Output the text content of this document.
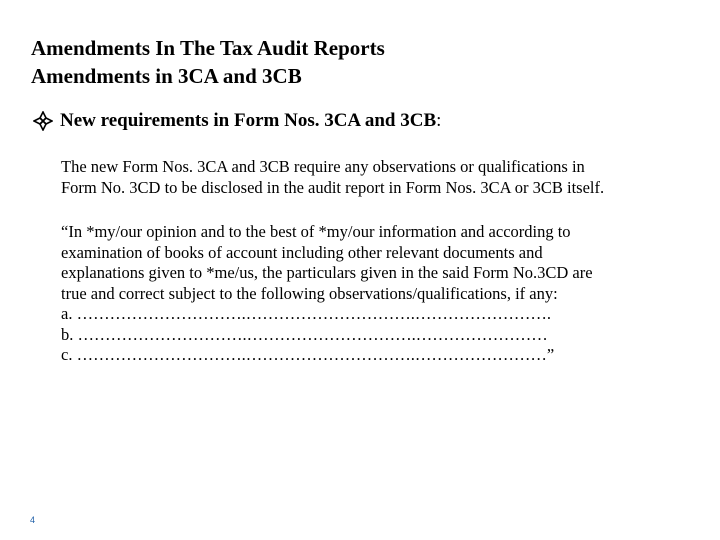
Amendments In The Tax Audit Reports
Amendments in 3CA and 3CB
New requirements in Form Nos. 3CA and 3CB :
The new Form Nos. 3CA and 3CB require any observations or qualifications in
Form No. 3CD to be disclosed in the audit report in Form Nos. 3CA or 3CB itself.
“In *my/our opinion and to the best of *my/our information and according to
examination of books of account including other relevant documents and
explanations given to *me/us, the particulars given in the said Form No.3CD are
true and correct subject to the following observations/qualifications, if any:
a. ………………………….………………………….…………………….
b. ………………………….………………………….……………………
c. ………………………….………………………….……………………”
4
